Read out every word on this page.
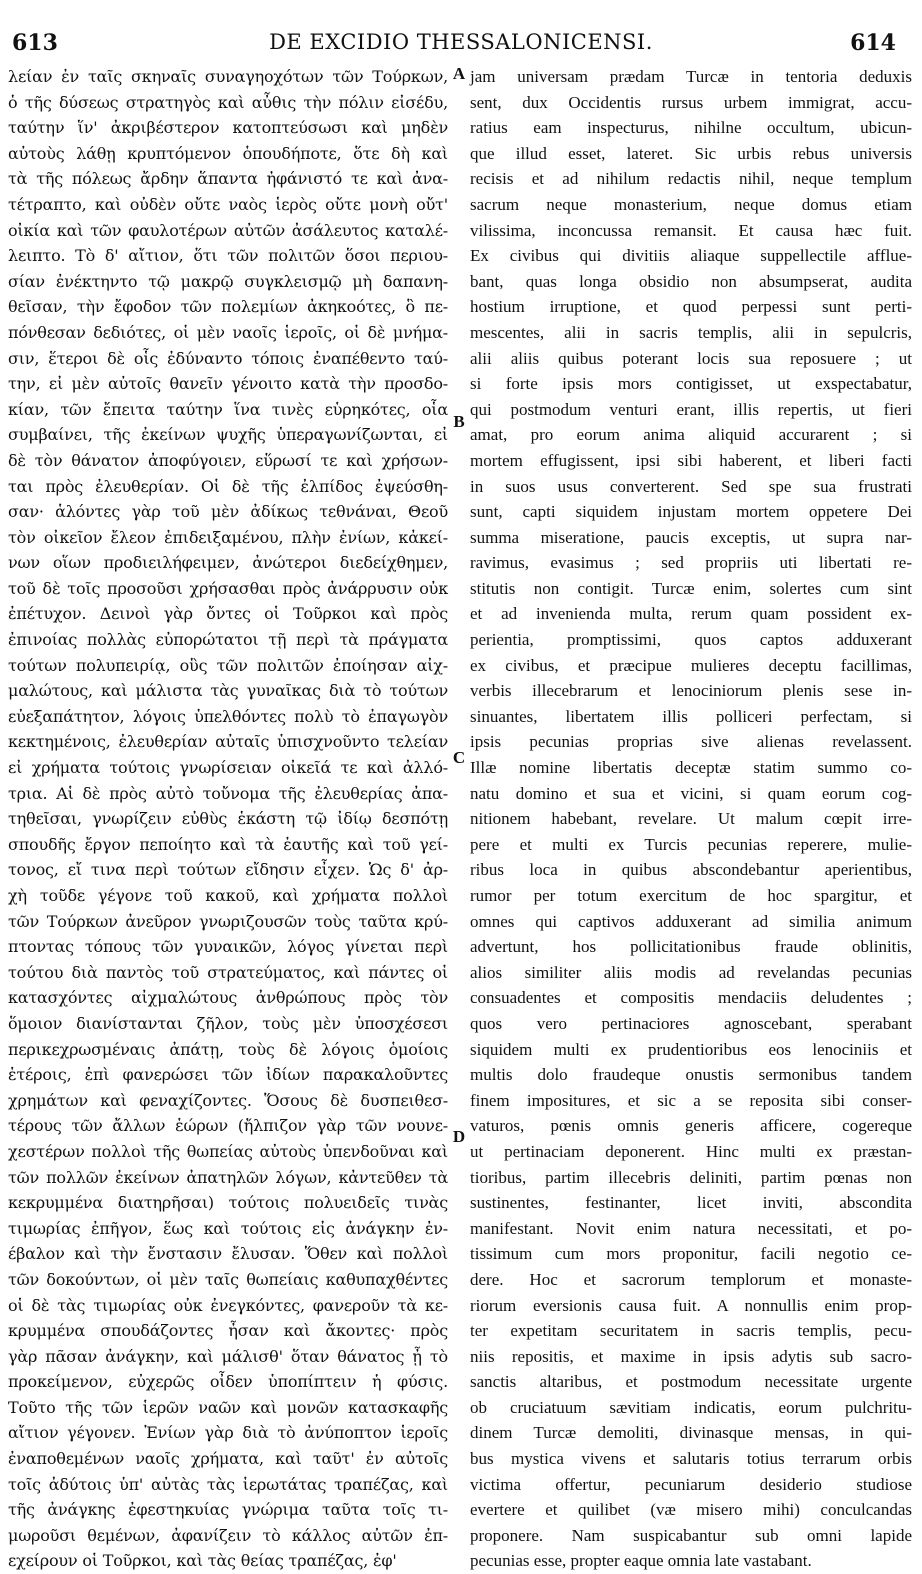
613	DE EXCIDIO THESSALONICENSI.	614
λείαν ἐν ταῖς σκηναῖς συναγηοχότων τῶν Τούρκων,
ὁ τῆς δύσεως στρατηγὸς καὶ αὖθις τὴν πόλιν εἰσέδυ,
ταύτην ἵν' ἀκριβέστερον κατοπτεύσωσι καὶ μηδὲν
αὐτοὺς λάθῃ κρυπτόμενον ὁπουδήποτε, ὅτε δὴ καὶ
τὰ τῆς πόλεως ἄρδην ἅπαντα ἠφάνιστό τε καὶ ἀνα-
τέτραπτο, καὶ οὐδὲν οὔτε ναὸς ἱερὸς οὔτε μονὴ οὔτ'
οἰκία καὶ τῶν φαυλοτέρων αὐτῶν ἀσάλευτος καταλέ-
λειπτο. Τὸ δ' αἴτιον, ὅτι τῶν πολιτῶν ὅσοι περιου-
σίαν ἐνέκτηντο τῷ μακρῷ συγκλεισμῷ μὴ δαπανη-
θεῖσαν, τὴν ἔφοδον τῶν πολεμίων ἀκηκοότες, ὃ πε-
πόνθεσαν δεδιότες, οἱ μὲν ναοῖς ἱεροῖς, οἱ δὲ μνήμα-
σιν, ἕτεροι δὲ οἷς ἐδύναντο τόποις ἐναπέθεντο ταύ-
την, εἰ μὲν αὐτοῖς θανεῖν γένοιτο κατὰ τὴν προσδο-
κίαν, τῶν ἔπειτα ταύτην ἵνα τινὲς εὑρηκότες, οἷα
συμβαίνει, τῆς ἐκείνων ψυχῆς ὑπεραγωνίζωνται, εἰ
δὲ τὸν θάνατον ἀποφύγοιεν, εὕρωσί τε καὶ χρήσων-
ται πρὸς ἐλευθερίαν. Οἱ δὲ τῆς ἐλπίδος ἐψεύσθη-
σαν· ἁλόντες γὰρ τοῦ μὲν ἀδίκως τεθνάναι, Θεοῦ
τὸν οἰκεῖον ἔλεον ἐπιδειξαμένου, πλὴν ἐνίων, κἀκεί-
νων οἵων προδιειλήφειμεν, ἀνώτεροι διεδείχθημεν,
τοῦ δὲ τοῖς προσοῦσι χρήσασθαι πρὸς ἀνάρρυσιν οὐκ
ἐπέτυχον. Δεινοὶ γὰρ ὄντες οἱ Τοῦρκοι καὶ πρὸς
ἐπινοίας πολλὰς εὐπορώτατοι τῇ περὶ τὰ πράγματα
τούτων πολυπειρίᾳ, οὓς τῶν πολιτῶν ἐποίησαν αἰχ-
μαλώτους, καὶ μάλιστα τὰς γυναῖκας διὰ τὸ τούτων
εὐεξαπάτητον, λόγοις ὑπελθόντες πολὺ τὸ ἐπαγωγὸν
κεκτημένοις, ἐλευθερίαν αὐταῖς ὑπισχνοῦντο τελείαν
εἰ χρήματα τούτοις γνωρίσειαν οἰκεῖά τε καὶ ἀλλό-
τρια. Αἱ δὲ πρὸς αὐτὸ τοὔνομα τῆς ἐλευθερίας ἀπα-
τηθεῖσαι, γνωρίζειν εὐθὺς ἑκάστη τῷ ἰδίῳ δεσπότῃ
σπουδῆς ἔργον πεποίητο καὶ τὰ ἑαυτῆς καὶ τοῦ γεί-
τονος, εἴ τινα περὶ τούτων εἴδησιν εἶχεν. Ὡς δ' ἀρ-
χὴ τοῦδε γέγονε τοῦ κακοῦ, καὶ χρήματα πολλοὶ
τῶν Τούρκων ἀνεῦρον γνωριζουσῶν τοὺς ταῦτα κρύ-
πτοντας τόπους τῶν γυναικῶν, λόγος γίνεται περὶ
τούτου διὰ παντὸς τοῦ στρατεύματος, καὶ πάντες οἱ
κατασχόντες αἰχμαλώτους ἀνθρώπους πρὸς τὸν
ὅμοιον διανίστανται ζῆλον, τοὺς μὲν ὑποσχέσεσι
περικεχρωσμέναις ἀπάτῃ, τοὺς δὲ λόγοις ὁμοίοις
ἑτέροις, ἐπὶ φανερώσει τῶν ἰδίων παρακαλοῦντες
χρημάτων καὶ φεναχίζοντες. Ὅσους δὲ δυσπειθεσ-
τέρους τῶν ἄλλων ἑώρων (ἤλπιζον γὰρ τῶν νουνε-
χεστέρων πολλοὶ τῆς θωπείας αὐτοὺς ὑπενδοῦναι καὶ
τῶν πολλῶν ἐκείνων ἀπατηλῶν λόγων, κἀντεῦθεν τὰ
κεκρυμμένα διατηρῆσαι) τούτοις πολυειδεῖς τινὰς
τιμωρίας ἐπῆγον, ἕως καὶ τούτοις εἰς ἀνάγκην ἐν-
έβαλον καὶ τὴν ἔνστασιν ἔλυσαν. Ὅθεν καὶ πολλοὶ
τῶν δοκούντων, οἱ μὲν ταῖς θωπείαις καθυπαχθέντες
οἱ δὲ τὰς τιμωρίας οὐκ ἐνεγκόντες, φανεροῦν τὰ κε-
κρυμμένα σπουδάζοντες ἦσαν καὶ ἄκοντες· πρὸς
γὰρ πᾶσαν ἀνάγκην, καὶ μάλισθ' ὅταν θάνατος ᾖ τὸ
προκείμενον, εὐχερῶς οἶδεν ὑποπίπτειν ἡ φύσις.
Τοῦτο τῆς τῶν ἱερῶν ναῶν καὶ μονῶν κατασκαφῆς
αἴτιον γέγονεν. Ἐνίων γὰρ διὰ τὸ ἀνύποπτον ἱεροῖς
ἐναποθεμένων ναοῖς χρήματα, καὶ ταῦτ' ἐν αὐτοῖς
τοῖς ἀδύτοις ὑπ' αὐτὰς τὰς ἱερωτάτας τραπέζας, καὶ
τῆς ἀνάγκης ἐφεστηκυίας γνώριμα ταῦτα τοῖς τι-
μωροῦσι θεμένων, ἀφανίζειν τὸ κάλλος αὐτῶν ἐπ-
εχείρουν οἱ Τοῦρκοι, καὶ τὰς θείας τραπέζας, ἐφ'
A
B
C
D
jam universam prædam Turcæ in tentoria deduxis
sent, dux Occidentis rursus urbem immigrat, accu-
ratius eam inspecturus, nihilne occultum, ubicun-
que illud esset, lateret. Sic urbis rebus universis
recisis et ad nihilum redactis nihil, neque templum
sacrum neque monasterium, neque domus etiam
vilissima, inconcussa remansit. Et causa hæc fuit.
Ex civibus qui divitiis aliaque suppellectile afflue-
bant, quas longa obsidio non absumpserat, audita
hostium irruptione, et quod perpessi sunt perti-
mescentes, alii in sacris templis, alii in sepulcris,
alii aliis quibus poterant locis sua reposuere ; ut
si forte ipsis mors contigisset, ut exspectabatur,
qui postmodum venturi erant, illis repertis, ut fieri
amat, pro eorum anima aliquid accurarent ; si
mortem effugissent, ipsi sibi haberent, et liberi facti
in suos usus converterent. Sed spe sua frustrati
sunt, capti siquidem injustam mortem oppetere Dei
summa miseratione, paucis exceptis, ut supra nar-
ravimus, evasimus ; sed propriis uti libertati re-
stitutis non contigit. Turcæ enim, solertes cum sint
et ad invenienda multa, rerum quam possident ex-
perientia, promptissimi, quos captos adduxerant
ex civibus, et præcipue mulieres deceptu facillimas,
verbis illecebrarum et lenociniorum plenis sese in-
sinuantes, libertatem illis polliceri perfectam, si
ipsis pecunias proprias sive alienas revelassent.
Illæ nomine libertatis deceptæ statim summo co-
natu domino et sua et vicini, si quam eorum cog-
nitionem habebant, revelare. Ut malum cœpit irre-
pere et multi ex Turcis pecunias reperere, mulie-
ribus loca in quibus abscondebantur aperientibus,
rumor per totum exercitum de hoc spargitur, et
omnes qui captivos adduxerant ad similia animum
advertunt, hos pollicitationibus fraude oblinitis,
alios similiter aliis modis ad revelandas pecunias
consuadentes et compositis mendaciis deludentes ;
quos vero pertinaciores agnoscebant, sperabant
siquidem multi ex prudentioribus eos lenociniis et
multis dolo fraudeque onustis sermonibus tandem
finem impositures, et sic a se reposita sibi conser-
vaturos, pœnis omnis generis afficere, cogereque
ut pertinaciam deponerent. Hinc multi ex præstan-
tioribus, partim illecebris deliniti, partim pœnas non
sustinentes, festinanter, licet inviti, abscondita
manifestant. Novit enim natura necessitati, et po-
tissimum cum mors proponitur, facili negotio ce-
dere. Hoc et sacrorum templorum et monaste-
riorum eversionis causa fuit. A nonnullis enim prop-
ter expetitam securitatem in sacris templis, pecu-
niis repositis, et maxime in ipsis adytis sub sacro-
sanctis altaribus, et postmodum necessitate urgente
ob cruciatuum sævitiam indicatis, eorum pulchritu-
dinem Turcæ demoliti, divinasque mensas, in qui-
bus mystica vivens et salutaris totius terrarum orbis
victima offertur, pecuniarum desiderio studiose
evertere et quilibet (væ misero mihi) conculcandas
proponere. Nam suspicabantur sub omni lapide
pecunias esse, propter eaque omnia late vastabant.
